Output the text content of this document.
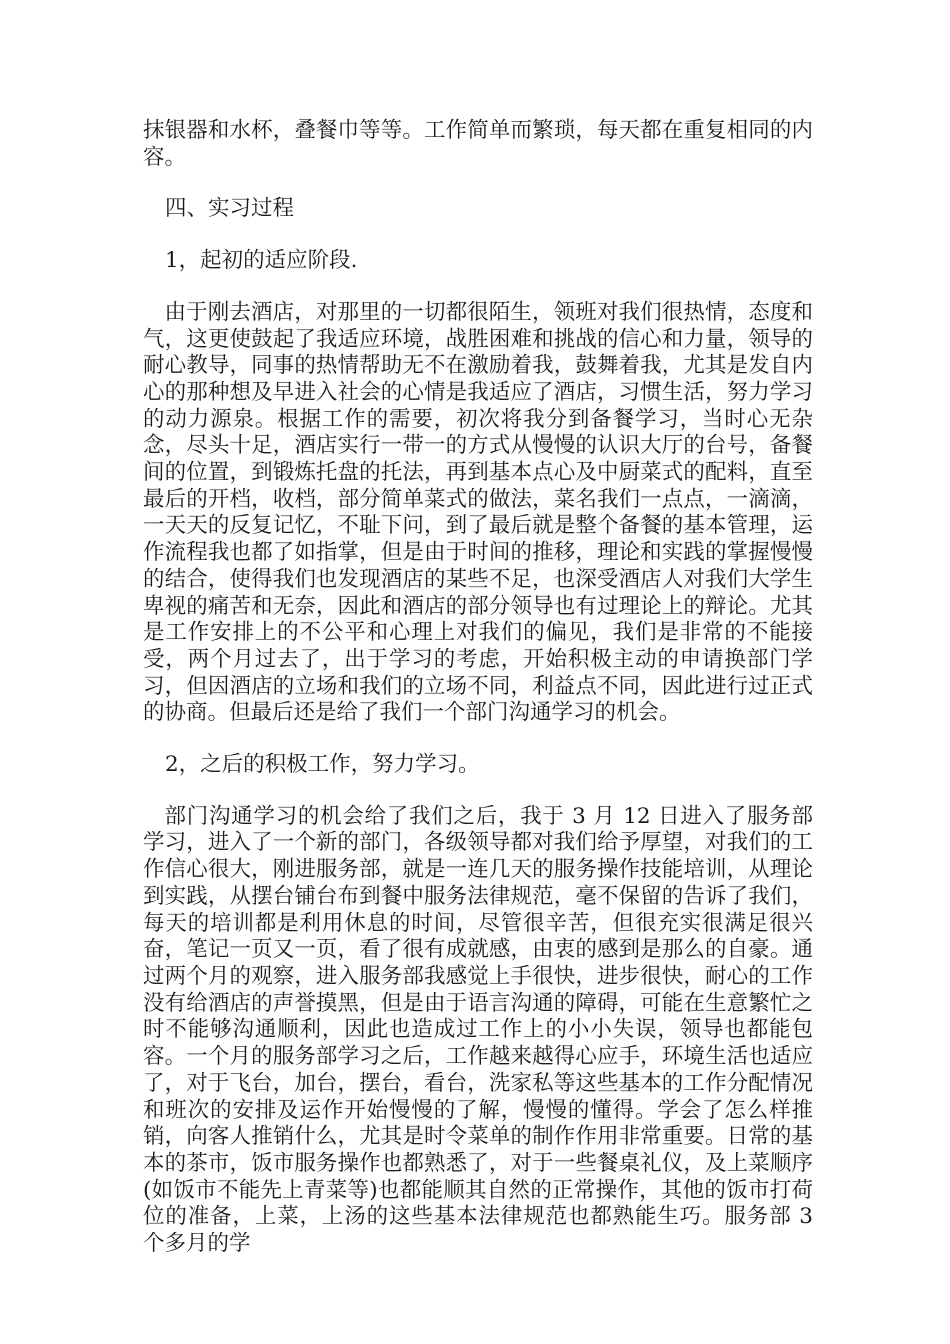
抹银器和水杯，叠餐巾等等。工作简单而繁琐，每天都在重复相同的内容。

四、实习过程

1，起初的适应阶段.

由于刚去酒店，对那里的一切都很陌生，领班对我们很热情，态度和气，这更使鼓起了我适应环境，战胜困难和挑战的信心和力量，领导的耐心教导，同事的热情帮助无不在激励着我，鼓舞着我，尤其是发自内心的那种想及早进入社会的心情是我适应了酒店，习惯生活，努力学习的动力源泉。根据工作的需要，初次将我分到备餐学习，当时心无杂念，尽头十足，酒店实行一带一的方式从慢慢的认识大厅的台号，备餐间的位置，到锻炼托盘的托法，再到基本点心及中厨菜式的配料，直至最后的开档，收档，部分简单菜式的做法，菜名我们一点点，一滴滴，一天天的反复记忆，不耻下问，到了最后就是整个备餐的基本管理，运作流程我也都了如指掌，但是由于时间的推移，理论和实践的掌握慢慢的结合，使得我们也发现酒店的某些不足，也深受酒店人对我们大学生卑视的痛苦和无奈，因此和酒店的部分领导也有过理论上的辩论。尤其是工作安排上的不公平和心理上对我们的偏见，我们是非常的不能接受，两个月过去了，出于学习的考虑，开始积极主动的申请换部门学习，但因酒店的立场和我们的立场不同，利益点不同，因此进行过正式的协商。但最后还是给了我们一个部门沟通学习的机会。

2，之后的积极工作，努力学习。

部门沟通学习的机会给了我们之后，我于 3 月 12 日进入了服务部学习，进入了一个新的部门，各级领导都对我们给予厚望，对我们的工作信心很大，刚进服务部，就是一连几天的服务操作技能培训，从理论到实践，从摆台铺台布到餐中服务法律规范，毫不保留的告诉了我们，每天的培训都是利用休息的时间，尽管很辛苦，但很充实很满足很兴奋，笔记一页又一页，看了很有成就感，由衷的感到是那么的自豪。通过两个月的观察，进入服务部我感觉上手很快，进步很快，耐心的工作没有给酒店的声誉摸黑，但是由于语言沟通的障碍，可能在生意繁忙之时不能够沟通顺利，因此也造成过工作上的小小失误，领导也都能包容。一个月的服务部学习之后，工作越来越得心应手，环境生活也适应了，对于飞台，加台，摆台，看台，洗家私等这些基本的工作分配情况和班次的安排及运作开始慢慢的了解，慢慢的懂得。学会了怎么样推销，向客人推销什么，尤其是时令菜单的制作作用非常重要。日常的基本的茶市，饭市服务操作也都熟悉了，对于一些餐桌礼仪，及上菜顺序(如饭市不能先上青菜等)也都能顺其自然的正常操作，其他的饭市打荷位的准备，上菜，上汤的这些基本法律规范也都熟能生巧。服务部 3 个多月的学
